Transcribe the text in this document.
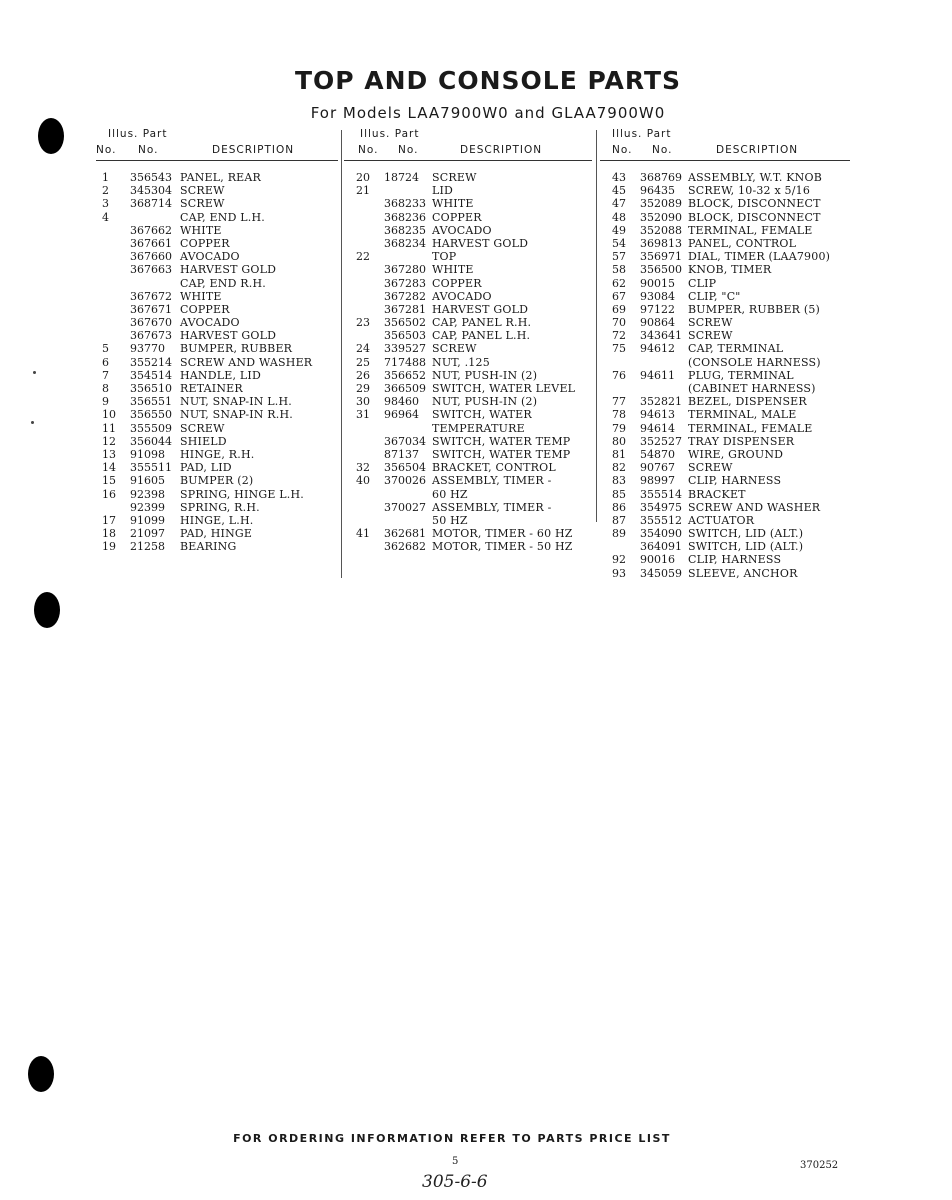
TOP AND CONSOLE PARTS
For Models LAA7900W0 and GLAA7900W0
Illus. Part
No. No.	DESCRIPTION
1	356543 PANEL, REAR
2	345304 SCREW
3	368714 SCREW
4	CAP, END L.H.
367662 WHITE
367661 COPPER
367660 AVOCADO
367663 HARVEST GOLD
CAP, END R.H.
367672 WHITE
367671 COPPER
367670 AVOCADO
367673 HARVEST GOLD
5	93770	BUMPER, RUBBER
6	355214 SCREW AND WASHER
7	354514 HANDLE, LID
8	356510 RETAINER
9	356551 NUT, SNAP-IN L.H.
10	356550 NUT, SNAP-IN R.H.
11	355509 SCREW
12	356044 SHIELD
13	91098	HINGE, R.H.
14	355511 PAD, LID
15	91605	BUMPER (2)
16	92398	SPRING, HINGE L.H.
92399	SPRING, R.H.
17	91099	HINGE, L.H.
18	21097	PAD, HINGE
19	21258	BEARING
Illus. Part
No. No.	DESCRIPTION
20	18724	SCREW
21	LID
368233 WHITE
368236 COPPER
368235 AVOCADO
368234 HARVEST GOLD
22	TOP
367280 WHITE
367283 COPPER
367282 AVOCADO
367281 HARVEST GOLD
23	356502 CAP, PANEL R.H.
356503 CAP, PANEL L.H.
24	339527 SCREW
25	717488 NUT, .125
26	356652 NUT, PUSH-IN (2)
29	366509 SWITCH, WATER LEVEL
30	98460	NUT, PUSH-IN (2)
31	96964	SWITCH, WATER
TEMPERATURE
367034 SWITCH, WATER TEMP
87137	SWITCH, WATER TEMP
32	356504 BRACKET, CONTROL
40	370026 ASSEMBLY, TIMER -
60 HZ
370027 ASSEMBLY, TIMER -
50 HZ
41	362681 MOTOR, TIMER - 60 HZ
362682 MOTOR, TIMER - 50 HZ
Illus. Part
No. No.	DESCRIPTION
43	368769 ASSEMBLY, W.T. KNOB
45	96435	SCREW, 10-32 x 5/16
47	352089 BLOCK, DISCONNECT
48	352090 BLOCK, DISCONNECT
49	352088 TERMINAL, FEMALE
54	369813 PANEL, CONTROL
57	356971 DIAL, TIMER (LAA7900)
58	356500 KNOB, TIMER
62	90015	CLIP
67	93084	CLIP, "C"
69	97122	BUMPER, RUBBER (5)
70	90864	SCREW
72	343641 SCREW
75	94612	CAP, TERMINAL
(CONSOLE HARNESS)
76	94611	PLUG, TERMINAL
(CABINET HARNESS)
77	352821 BEZEL, DISPENSER
78	94613	TERMINAL, MALE
79	94614	TERMINAL, FEMALE
80	352527 TRAY DISPENSER
81	54870	WIRE, GROUND
82	90767	SCREW
83	98997	CLIP, HARNESS
85	355514 BRACKET
86	354975 SCREW AND WASHER
87	355512 ACTUATOR
89	354090 SWITCH, LID (ALT.)
364091 SWITCH, LID (ALT.)
92	90016	CLIP, HARNESS
93	345059 SLEEVE, ANCHOR
FOR ORDERING INFORMATION REFER TO PARTS PRICE LIST
5	370252
305-6-6
